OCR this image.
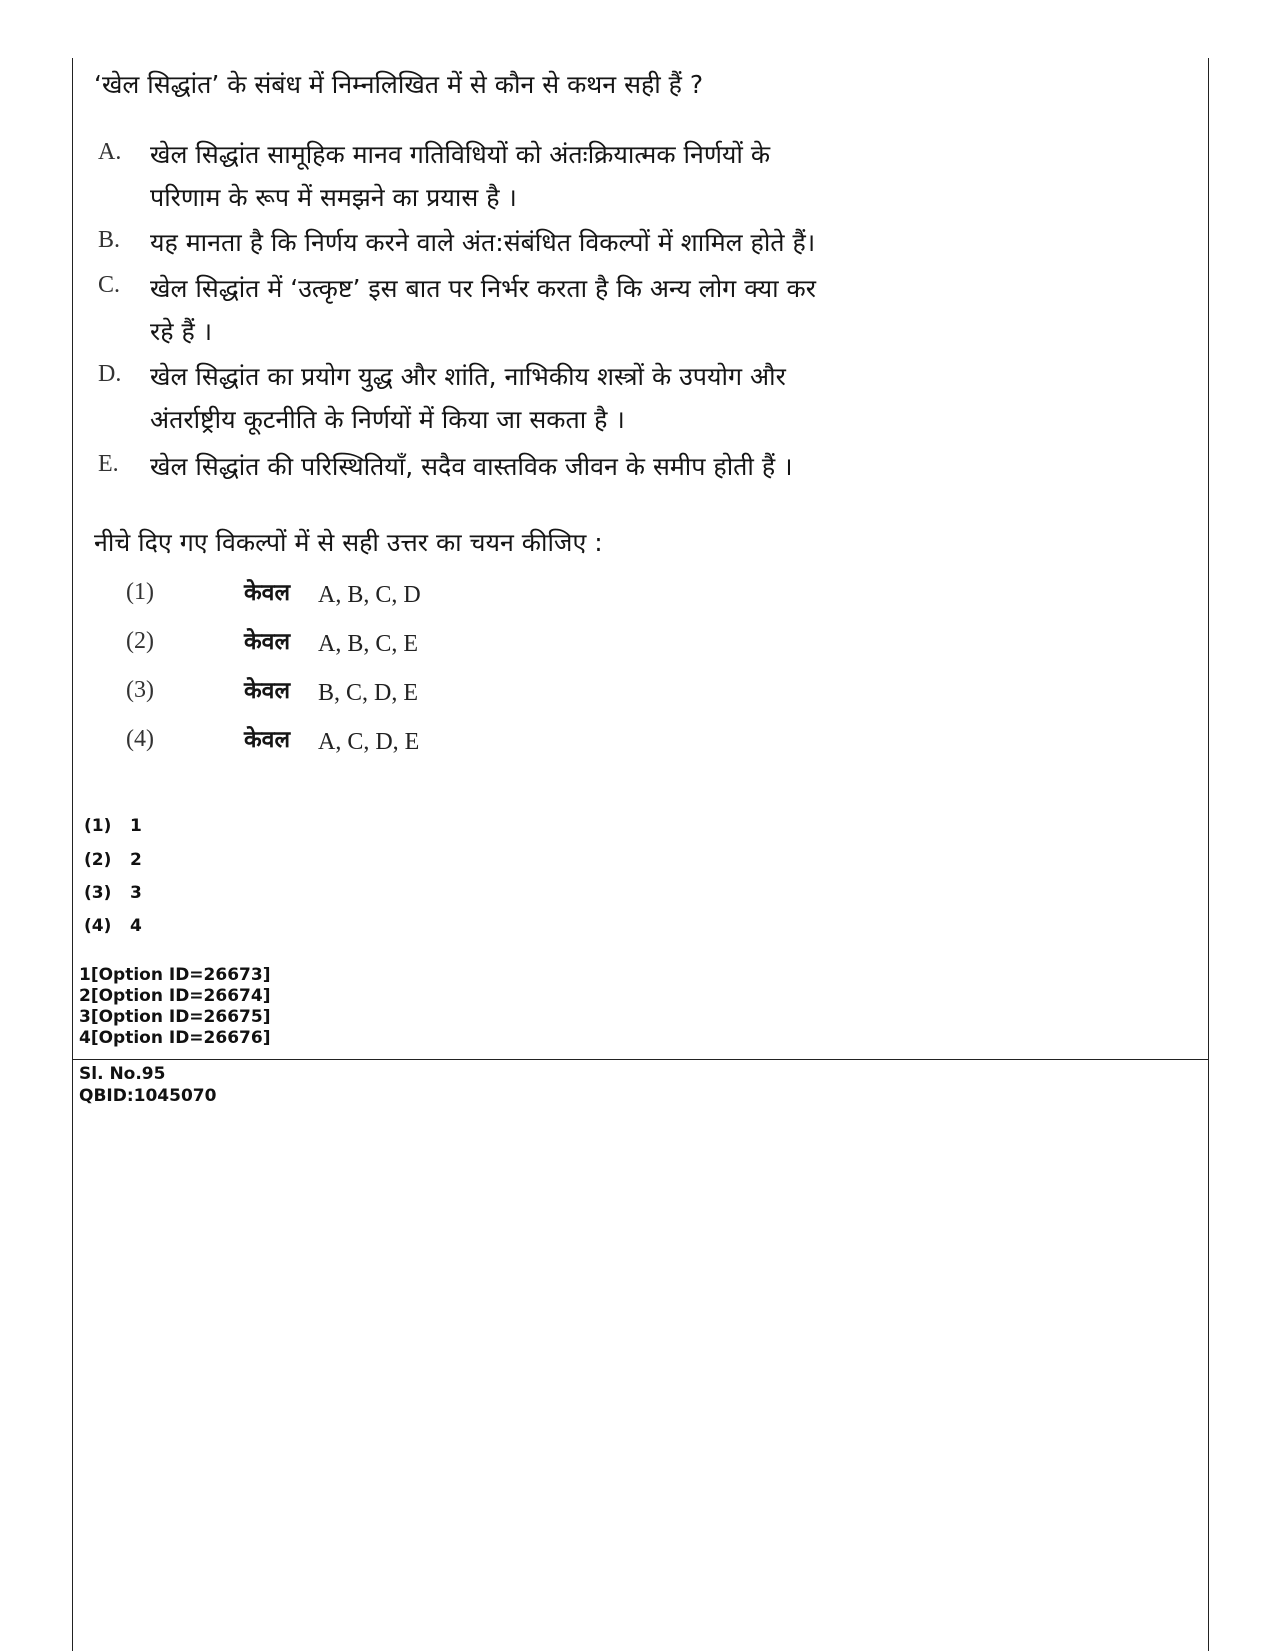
‘खेल सिद्धांत’ के संबंध में निम्नलिखित में से कौन से कथन सही हैं ?
A. खेल सिद्धांत सामूहिक मानव गतिविधियों को अंतःक्रियात्मक निर्णयों के
परिणाम के रूप में समझने का प्रयास है ।
B. यह मानता है कि निर्णय करने वाले अंत:संबंधित विकल्पों में शामिल होते हैं।
C. खेल सिद्धांत में ‘उत्कृष्ट’ इस बात पर निर्भर करता है कि अन्य लोग क्या कर
रहे हैं ।
D. खेल सिद्धांत का प्रयोग युद्ध और शांति, नाभिकीय शस्त्रों के उपयोग और
अंतर्राष्ट्रीय कूटनीति के निर्णयों में किया जा सकता है ।
E. खेल सिद्धांत की परिस्थितियाँ, सदैव वास्तविक जीवन के समीप होती हैं ।
नीचे दिए गए विकल्पों में से सही उत्तर का चयन कीजिए :
(1)	केवल A, B, C, D
(2)	केवल A, B, C, E
(3)	केवल B, C, D, E
(4)	केवल A, C, D, E
(1) 1
(2) 2
(3) 3
(4) 4
1[Option ID=26673]
2[Option ID=26674]
3[Option ID=26675]
4[Option ID=26676]
Sl. No.95
QBID:1045070
